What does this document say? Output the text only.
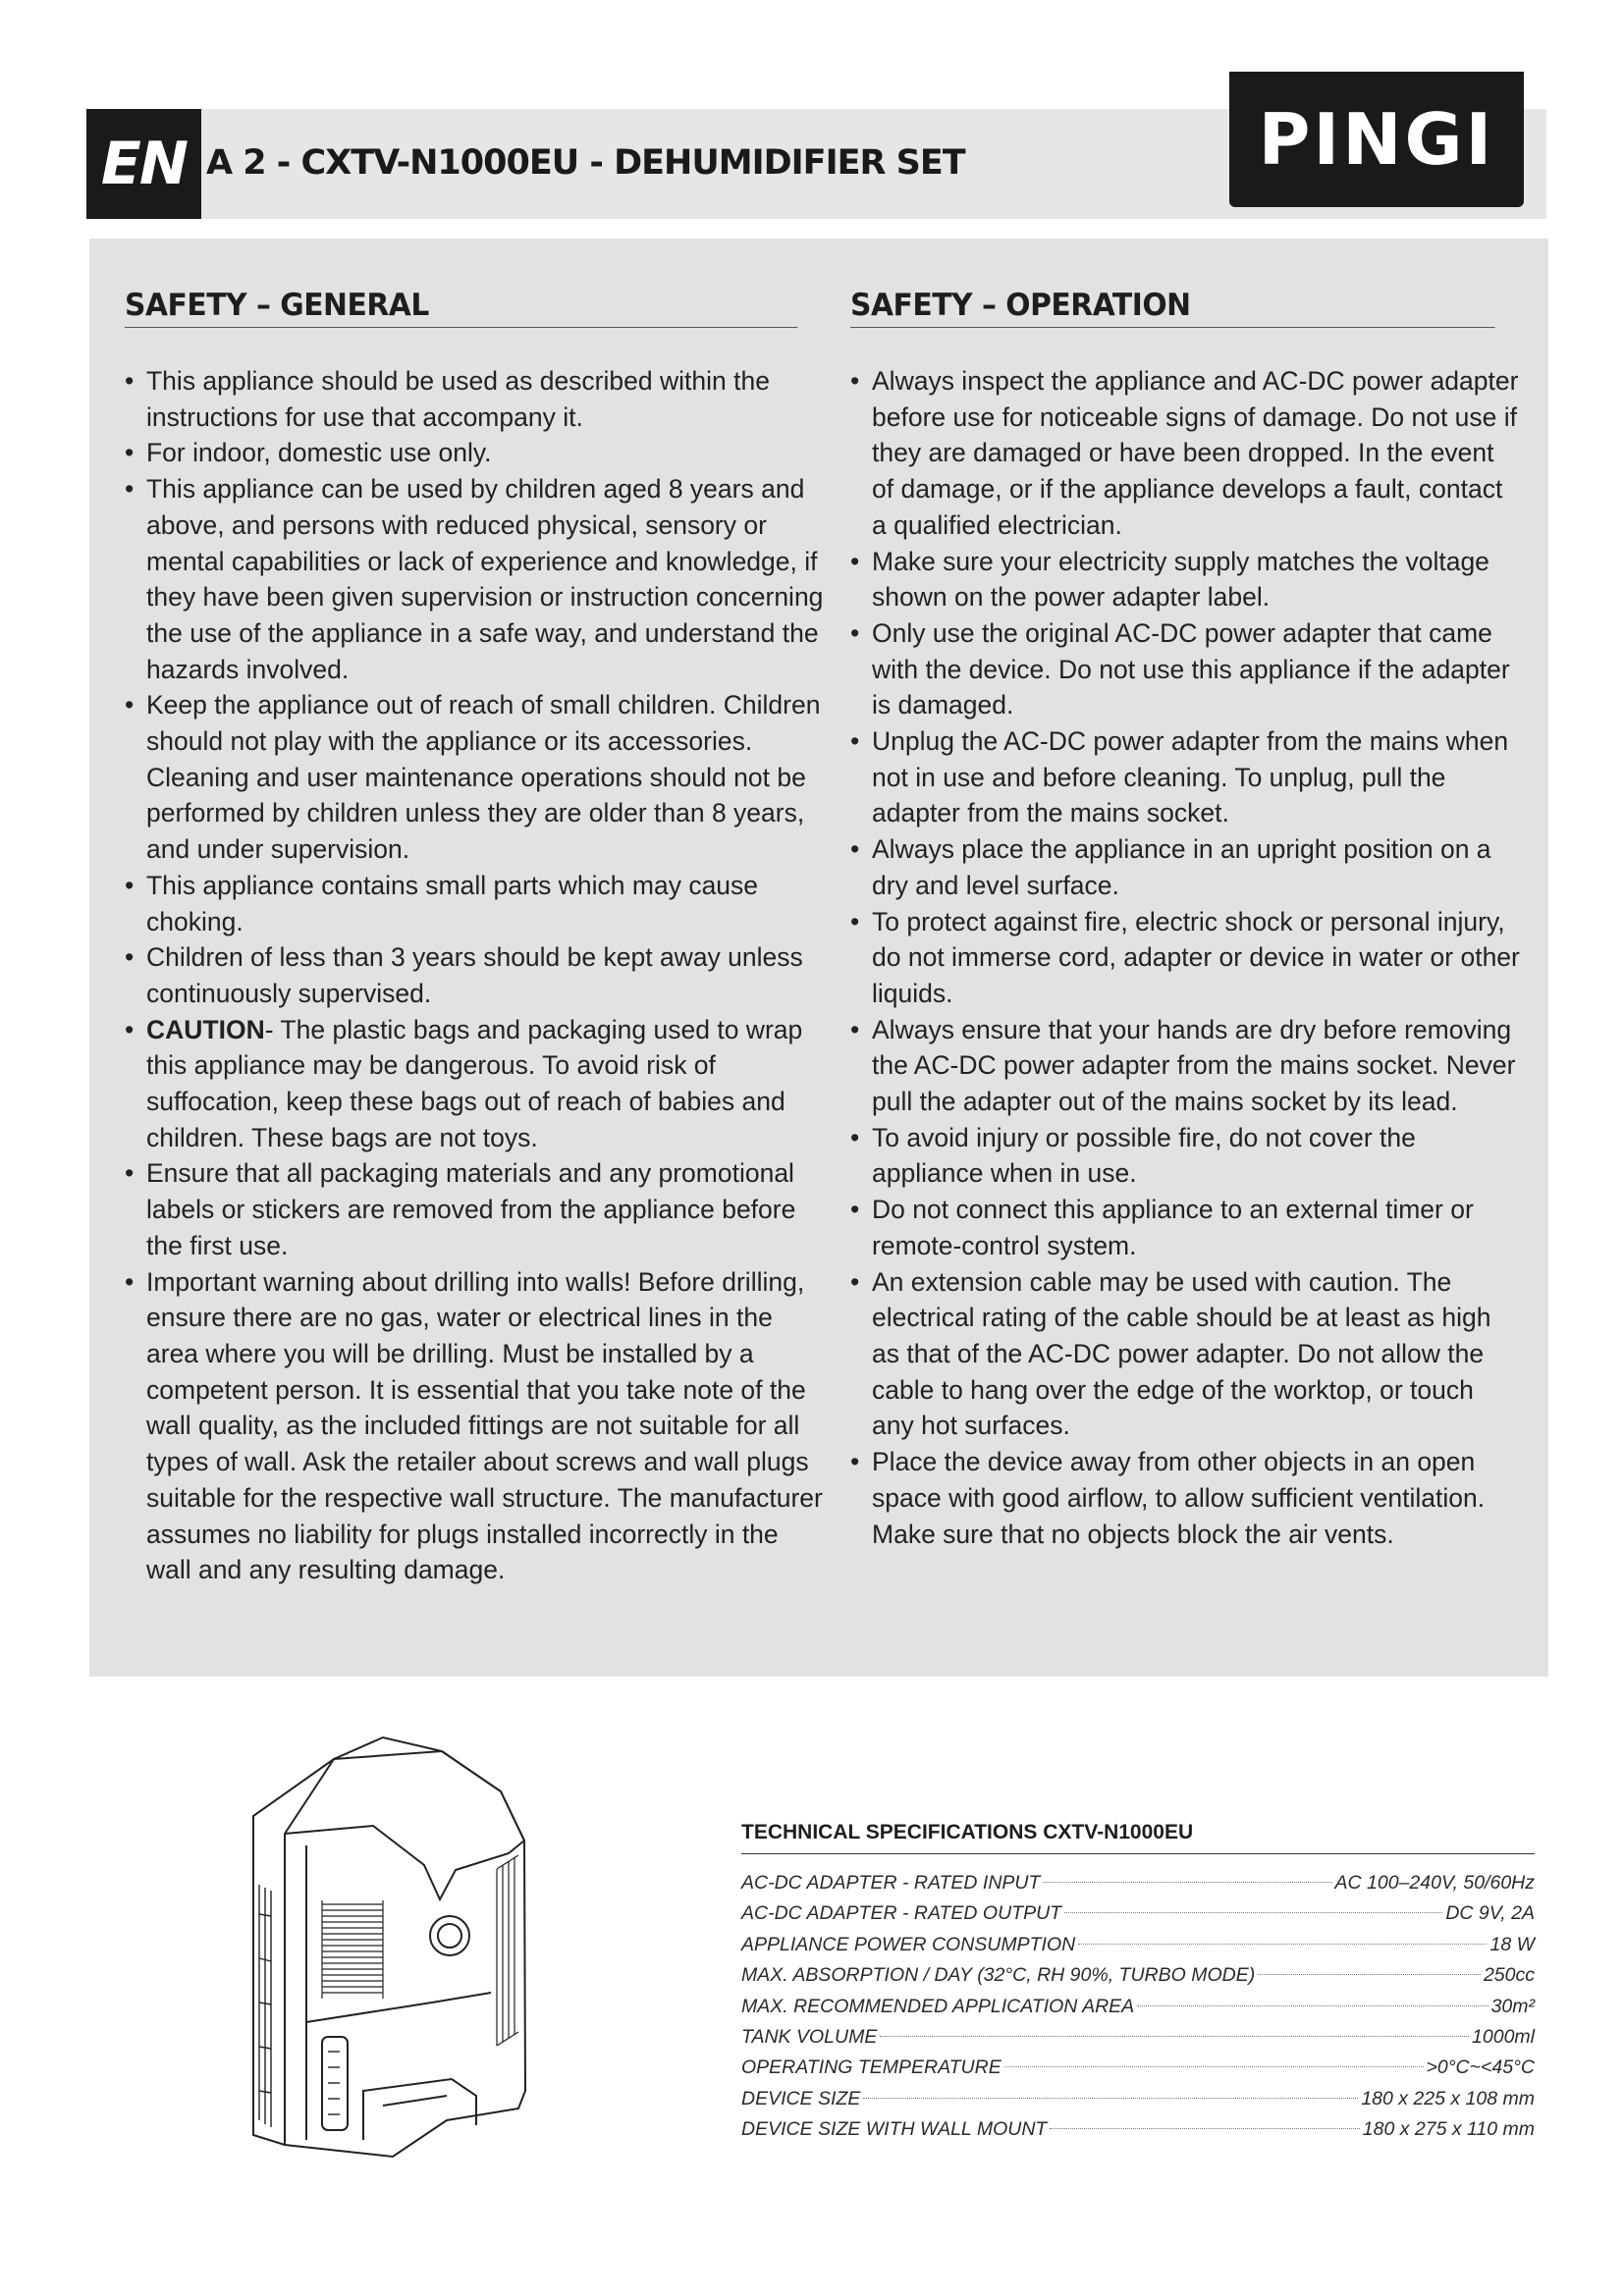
EN A 2 - CXTV-N1000EU - DEHUMIDIFIER SET	PINGI
SAFETY – GENERAL
• This appliance should be used as described within the instructions for use that accompany it.
• For indoor, domestic use only.
• This appliance can be used by children aged 8 years and above, and persons with reduced physical, sensory or mental capabilities or lack of experience and knowledge, if they have been given supervision or instruction concerning the use of the appliance in a safe way, and understand the hazards involved.
• Keep the appliance out of reach of small children. Children should not play with the appliance or its accessories. Cleaning and user maintenance operations should not be performed by children unless they are older than 8 years, and under supervision.
• This appliance contains small parts which may cause choking.
• Children of less than 3 years should be kept away unless continuously supervised.
• CAUTION- The plastic bags and packaging used to wrap this appliance may be dangerous. To avoid risk of suffocation, keep these bags out of reach of babies and children. These bags are not toys.
• Ensure that all packaging materials and any promotional labels or stickers are removed from the appliance before the first use.
• Important warning about drilling into walls! Before drilling, ensure there are no gas, water or electrical lines in the area where you will be drilling. Must be installed by a competent person. It is essential that you take note of the wall quality, as the included fittings are not suitable for all types of wall. Ask the retailer about screws and wall plugs suitable for the respective wall structure. The manufacturer assumes no liability for plugs installed incorrectly in the wall and any resulting damage.
SAFETY – OPERATION
• Always inspect the appliance and AC-DC power adapter before use for noticeable signs of damage. Do not use if they are damaged or have been dropped. In the event of damage, or if the appliance develops a fault, contact a qualified electrician.
• Make sure your electricity supply matches the voltage shown on the power adapter label.
• Only use the original AC-DC power adapter that came with the device. Do not use this appliance if the adapter is damaged.
• Unplug the AC-DC power adapter from the mains when not in use and before cleaning. To unplug, pull the adapter from the mains socket.
• Always place the appliance in an upright position on a dry and level surface.
• To protect against fire, electric shock or personal injury, do not immerse cord, adapter or device in water or other liquids.
• Always ensure that your hands are dry before removing the AC-DC power adapter from the mains socket. Never pull the adapter out of the mains socket by its lead.
• To avoid injury or possible fire, do not cover the appliance when in use.
• Do not connect this appliance to an external timer or remote-control system.
• An extension cable may be used with caution. The electrical rating of the cable should be at least as high as that of the AC-DC power adapter. Do not allow the cable to hang over the edge of the worktop, or touch any hot surfaces.
• Place the device away from other objects in an open space with good airflow, to allow sufficient ventilation. Make sure that no objects block the air vents.
TECHNICAL SPECIFICATIONS CXTV-N1000EU
AC-DC ADAPTER - RATED INPUT	AC 100–240V, 50/60Hz
AC-DC ADAPTER - RATED OUTPUT	DC 9V, 2A
APPLIANCE POWER CONSUMPTION	18 W
MAX. ABSORPTION / DAY (32°C, RH 90%, TURBO MODE)	250cc
MAX. RECOMMENDED APPLICATION AREA	30m²
TANK VOLUME	1000ml
OPERATING TEMPERATURE	>0°C~<45°C
DEVICE SIZE	180 x 225 x 108 mm
DEVICE SIZE WITH WALL MOUNT	180 x 275 x 110 mm
